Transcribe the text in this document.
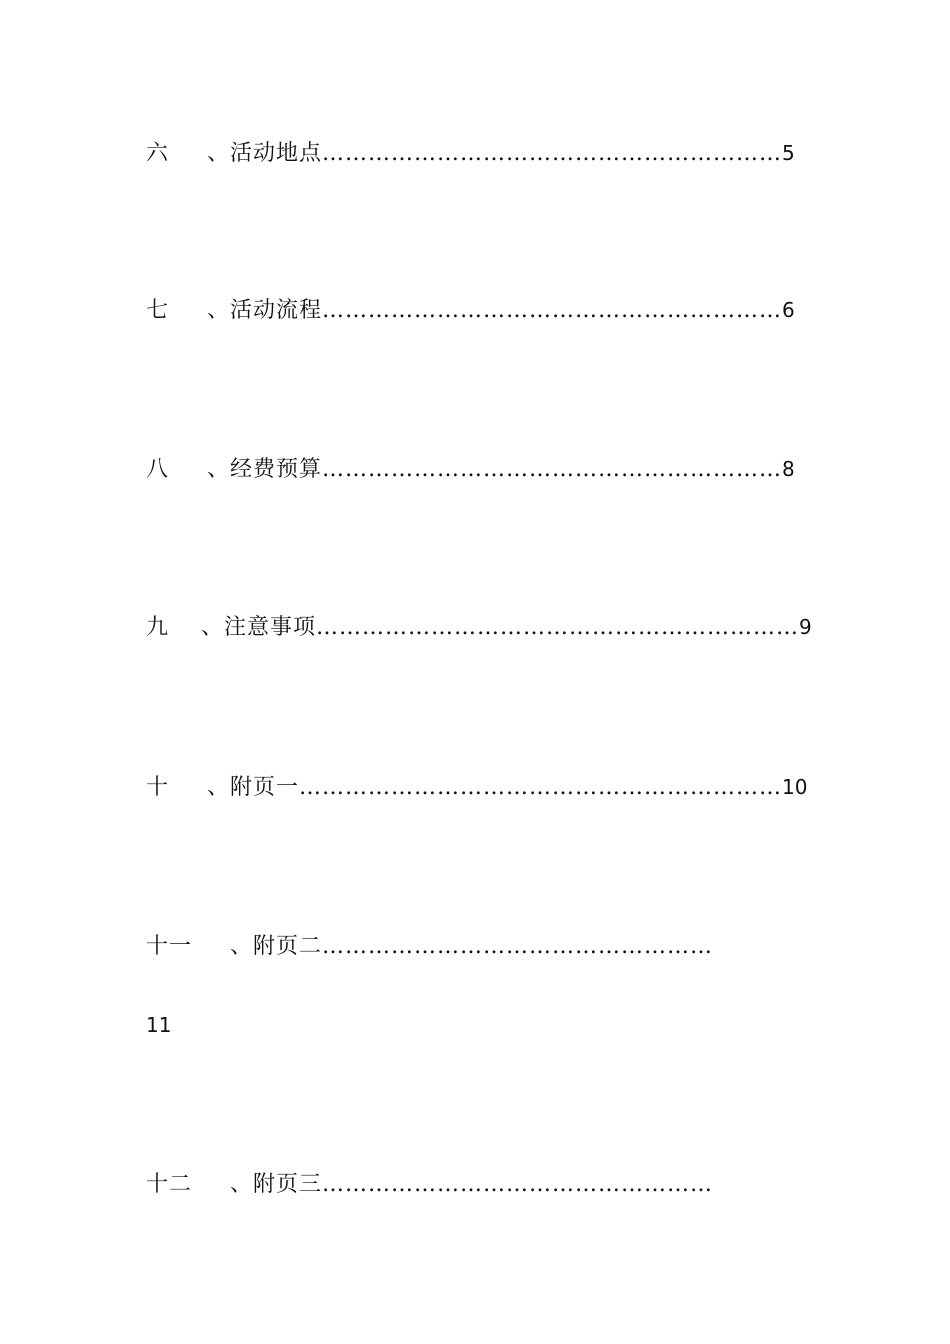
六 、活动地点……………………………………………………5
七 、活动流程……………………………………………………6
八 、经费预算……………………………………………………8
九 、注意事项………………………………………………………9
十 、附页一………………………………………………………10
十一 、附页二……………………………………………
11
十二 、附页三……………………………………………
